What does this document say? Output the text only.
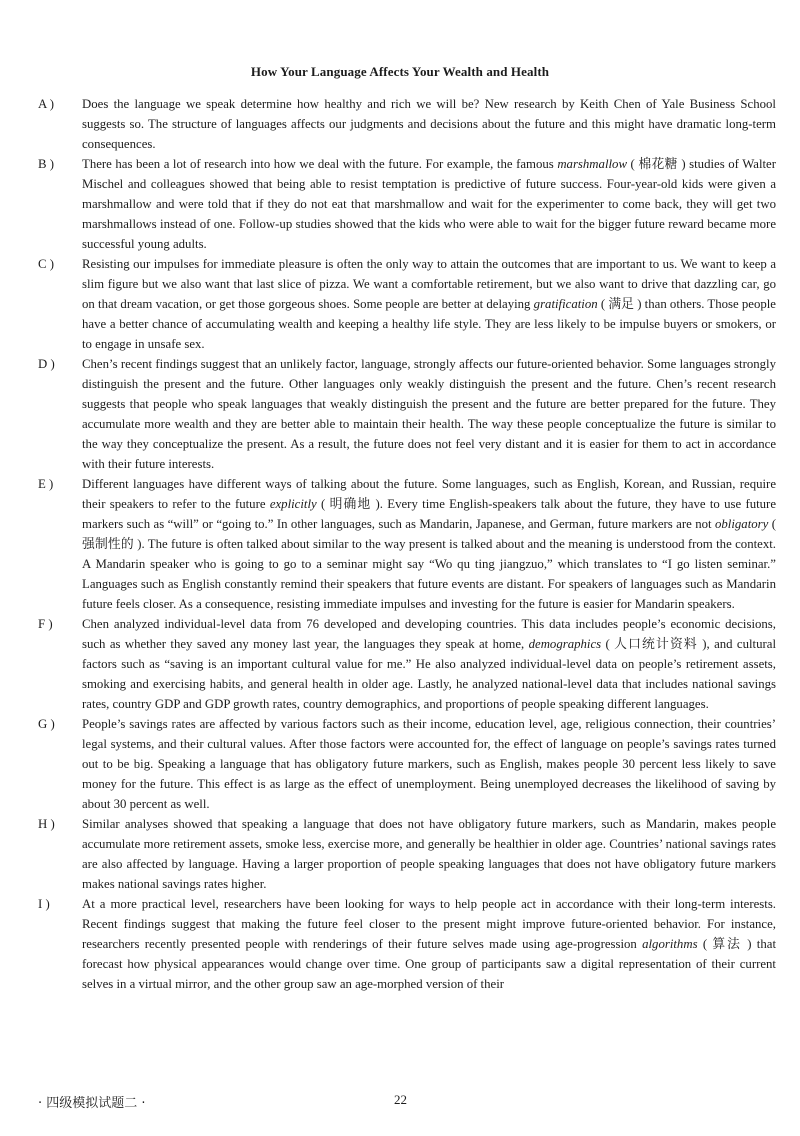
How Your Language Affects Your Wealth and Health
A ) Does the language we speak determine how healthy and rich we will be? New research by Keith Chen of Yale Business School suggests so. The structure of languages affects our judgments and decisions about the future and this might have dramatic long-term consequences.
B ) There has been a lot of research into how we deal with the future. For example, the famous marshmallow ( 棉花糖 ) studies of Walter Mischel and colleagues showed that being able to resist temptation is predictive of future success. Four-year-old kids were given a marshmallow and were told that if they do not eat that marshmallow and wait for the experimenter to come back, they will get two marshmallows instead of one. Follow-up studies showed that the kids who were able to wait for the bigger future reward became more successful young adults.
C ) Resisting our impulses for immediate pleasure is often the only way to attain the outcomes that are important to us. We want to keep a slim figure but we also want that last slice of pizza. We want a comfortable retirement, but we also want to drive that dazzling car, go on that dream vacation, or get those gorgeous shoes. Some people are better at delaying gratification ( 满足 ) than others. Those people have a better chance of accumulating wealth and keeping a healthy life style. They are less likely to be impulse buyers or smokers, or to engage in unsafe sex.
D ) Chen’s recent findings suggest that an unlikely factor, language, strongly affects our future-oriented behavior. Some languages strongly distinguish the present and the future. Other languages only weakly distinguish the present and the future. Chen’s recent research suggests that people who speak languages that weakly distinguish the present and the future are better prepared for the future. They accumulate more wealth and they are better able to maintain their health. The way these people conceptualize the future is similar to the way they conceptualize the present. As a result, the future does not feel very distant and it is easier for them to act in accordance with their future interests.
E ) Different languages have different ways of talking about the future. Some languages, such as English, Korean, and Russian, require their speakers to refer to the future explicitly ( 明确地 ). Every time English-speakers talk about the future, they have to use future markers such as “will” or “going to.” In other languages, such as Mandarin, Japanese, and German, future markers are not obligatory ( 强制性的 ). The future is often talked about similar to the way present is talked about and the meaning is understood from the context. A Mandarin speaker who is going to go to a seminar might say “Wo qu ting jiangzuo,” which translates to “I go listen seminar.” Languages such as English constantly remind their speakers that future events are distant. For speakers of languages such as Mandarin future feels closer. As a consequence, resisting immediate impulses and investing for the future is easier for Mandarin speakers.
F ) Chen analyzed individual-level data from 76 developed and developing countries. This data includes people’s economic decisions, such as whether they saved any money last year, the languages they speak at home, demographics ( 人口统计资料 ), and cultural factors such as “saving is an important cultural value for me.” He also analyzed individual-level data on people’s retirement assets, smoking and exercising habits, and general health in older age. Lastly, he analyzed national-level data that includes national savings rates, country GDP and GDP growth rates, country demographics, and proportions of people speaking different languages.
G ) People’s savings rates are affected by various factors such as their income, education level, age, religious connection, their countries’ legal systems, and their cultural values. After those factors were accounted for, the effect of language on people’s savings rates turned out to be big. Speaking a language that has obligatory future markers, such as English, makes people 30 percent less likely to save money for the future. This effect is as large as the effect of unemployment. Being unemployed decreases the likelihood of saving by about 30 percent as well.
H ) Similar analyses showed that speaking a language that does not have obligatory future markers, such as Mandarin, makes people accumulate more retirement assets, smoke less, exercise more, and generally be healthier in older age. Countries’ national savings rates are also affected by language. Having a larger proportion of people speaking languages that does not have obligatory future markers makes national savings rates higher.
I )	At a more practical level, researchers have been looking for ways to help people act in accordance with their long-term interests. Recent findings suggest that making the future feel closer to the present might improve future-oriented behavior. For instance, researchers recently presented people with renderings of their future selves made using age-progression algorithms ( 算法 ) that forecast how physical appearances would change over time. One group of participants saw a digital representation of their current selves in a virtual mirror, and the other group saw an age-morphed version of their
· 四级模拟试题二 ·	22
